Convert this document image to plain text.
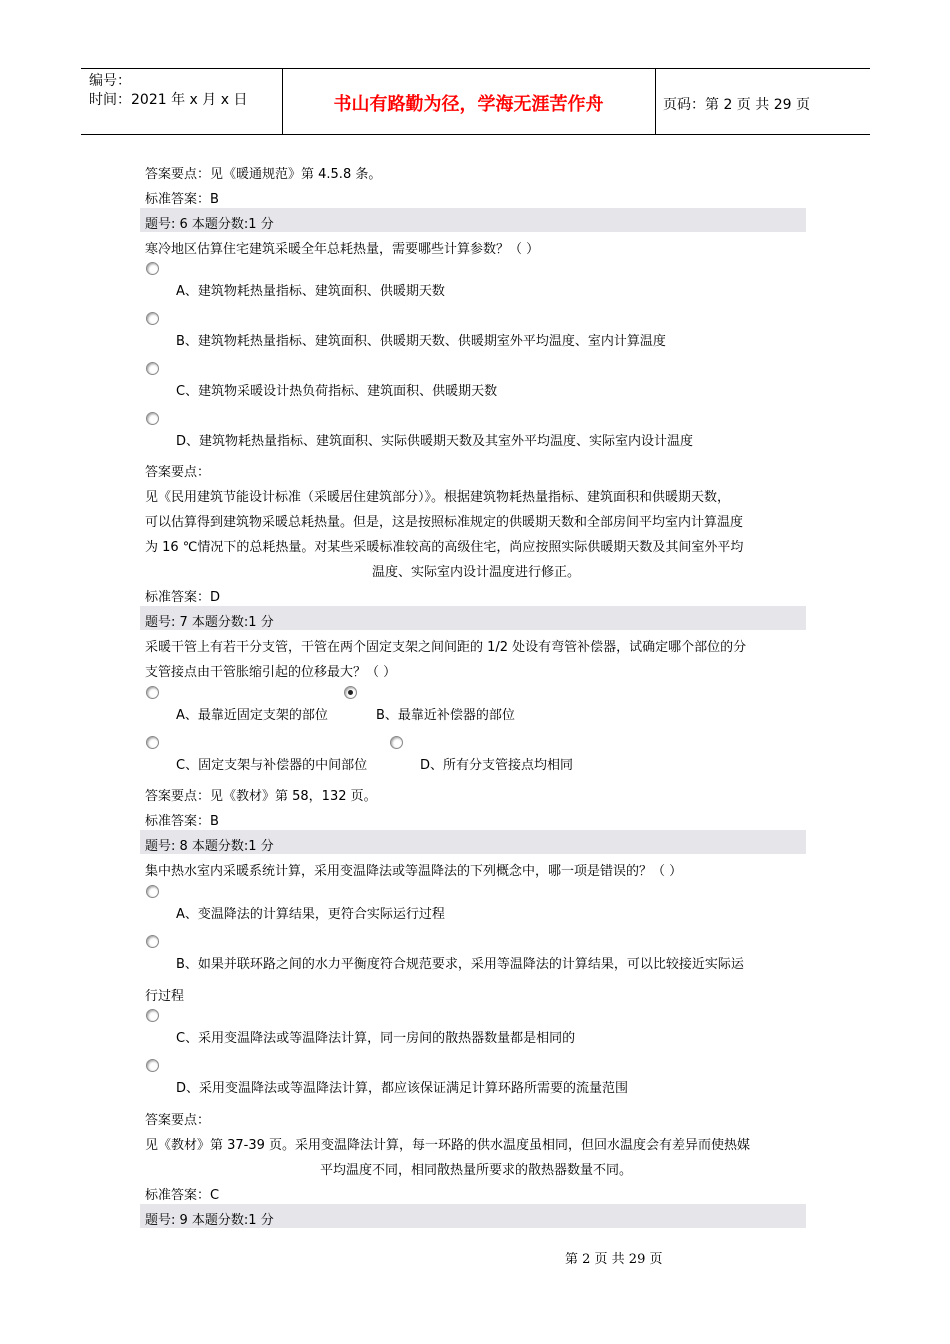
编号：
时间：2021 年 x 月 x 日	书山有路勤为径，学海无涯苦作舟	页码：第 2 页 共 29 页
答案要点：见《暖通规范》第 4.5.8 条。
标准答案：B
题号: 6 本题分数:1 分
寒冷地区估算住宅建筑采暖全年总耗热量，需要哪些计算参数？（ ）
A、建筑物耗热量指标、建筑面积、供暖期天数
B、建筑物耗热量指标、建筑面积、供暖期天数、供暖期室外平均温度、室内计算温度
C、建筑物采暖设计热负荷指标、建筑面积、供暖期天数
D、建筑物耗热量指标、建筑面积、实际供暖期天数及其室外平均温度、实际室内设计温度
答案要点：
见《民用建筑节能设计标准（采暖居住建筑部分）》。根据建筑物耗热量指标、建筑面积和供暖期天数，
可以估算得到建筑物采暖总耗热量。但是，这是按照标准规定的供暖期天数和全部房间平均室内计算温度
为 16 ℃情况下的总耗热量。对某些采暖标准较高的高级住宅，尚应按照实际供暖期天数及其间室外平均
温度、实际室内设计温度进行修正。
标准答案：D
题号: 7 本题分数:1 分
采暖干管上有若干分支管，干管在两个固定支架之间间距的 1/2 处设有弯管补偿器，试确定哪个部位的分
支管接点由干管胀缩引起的位移最大？（ ）
A、最靠近固定支架的部位	B、最靠近补偿器的部位
C、固定支架与补偿器的中间部位	D、所有分支管接点均相同
答案要点：见《教材》第 58，132 页。
标准答案：B
题号: 8 本题分数:1 分
集中热水室内采暖系统计算，采用变温降法或等温降法的下列概念中，哪一项是错误的？（ ）
A、变温降法的计算结果，更符合实际运行过程
B、如果并联环路之间的水力平衡度符合规范要求，采用等温降法的计算结果，可以比较接近实际运
行过程
C、采用变温降法或等温降法计算，同一房间的散热器数量都是相同的
D、采用变温降法或等温降法计算，都应该保证满足计算环路所需要的流量范围
答案要点：
见《教材》第 37-39 页。采用变温降法计算，每一环路的供水温度虽相同，但回水温度会有差异而使热媒
平均温度不同，相同散热量所要求的散热器数量不同。
标准答案：C
题号: 9 本题分数:1 分
第 2 页 共 29 页
